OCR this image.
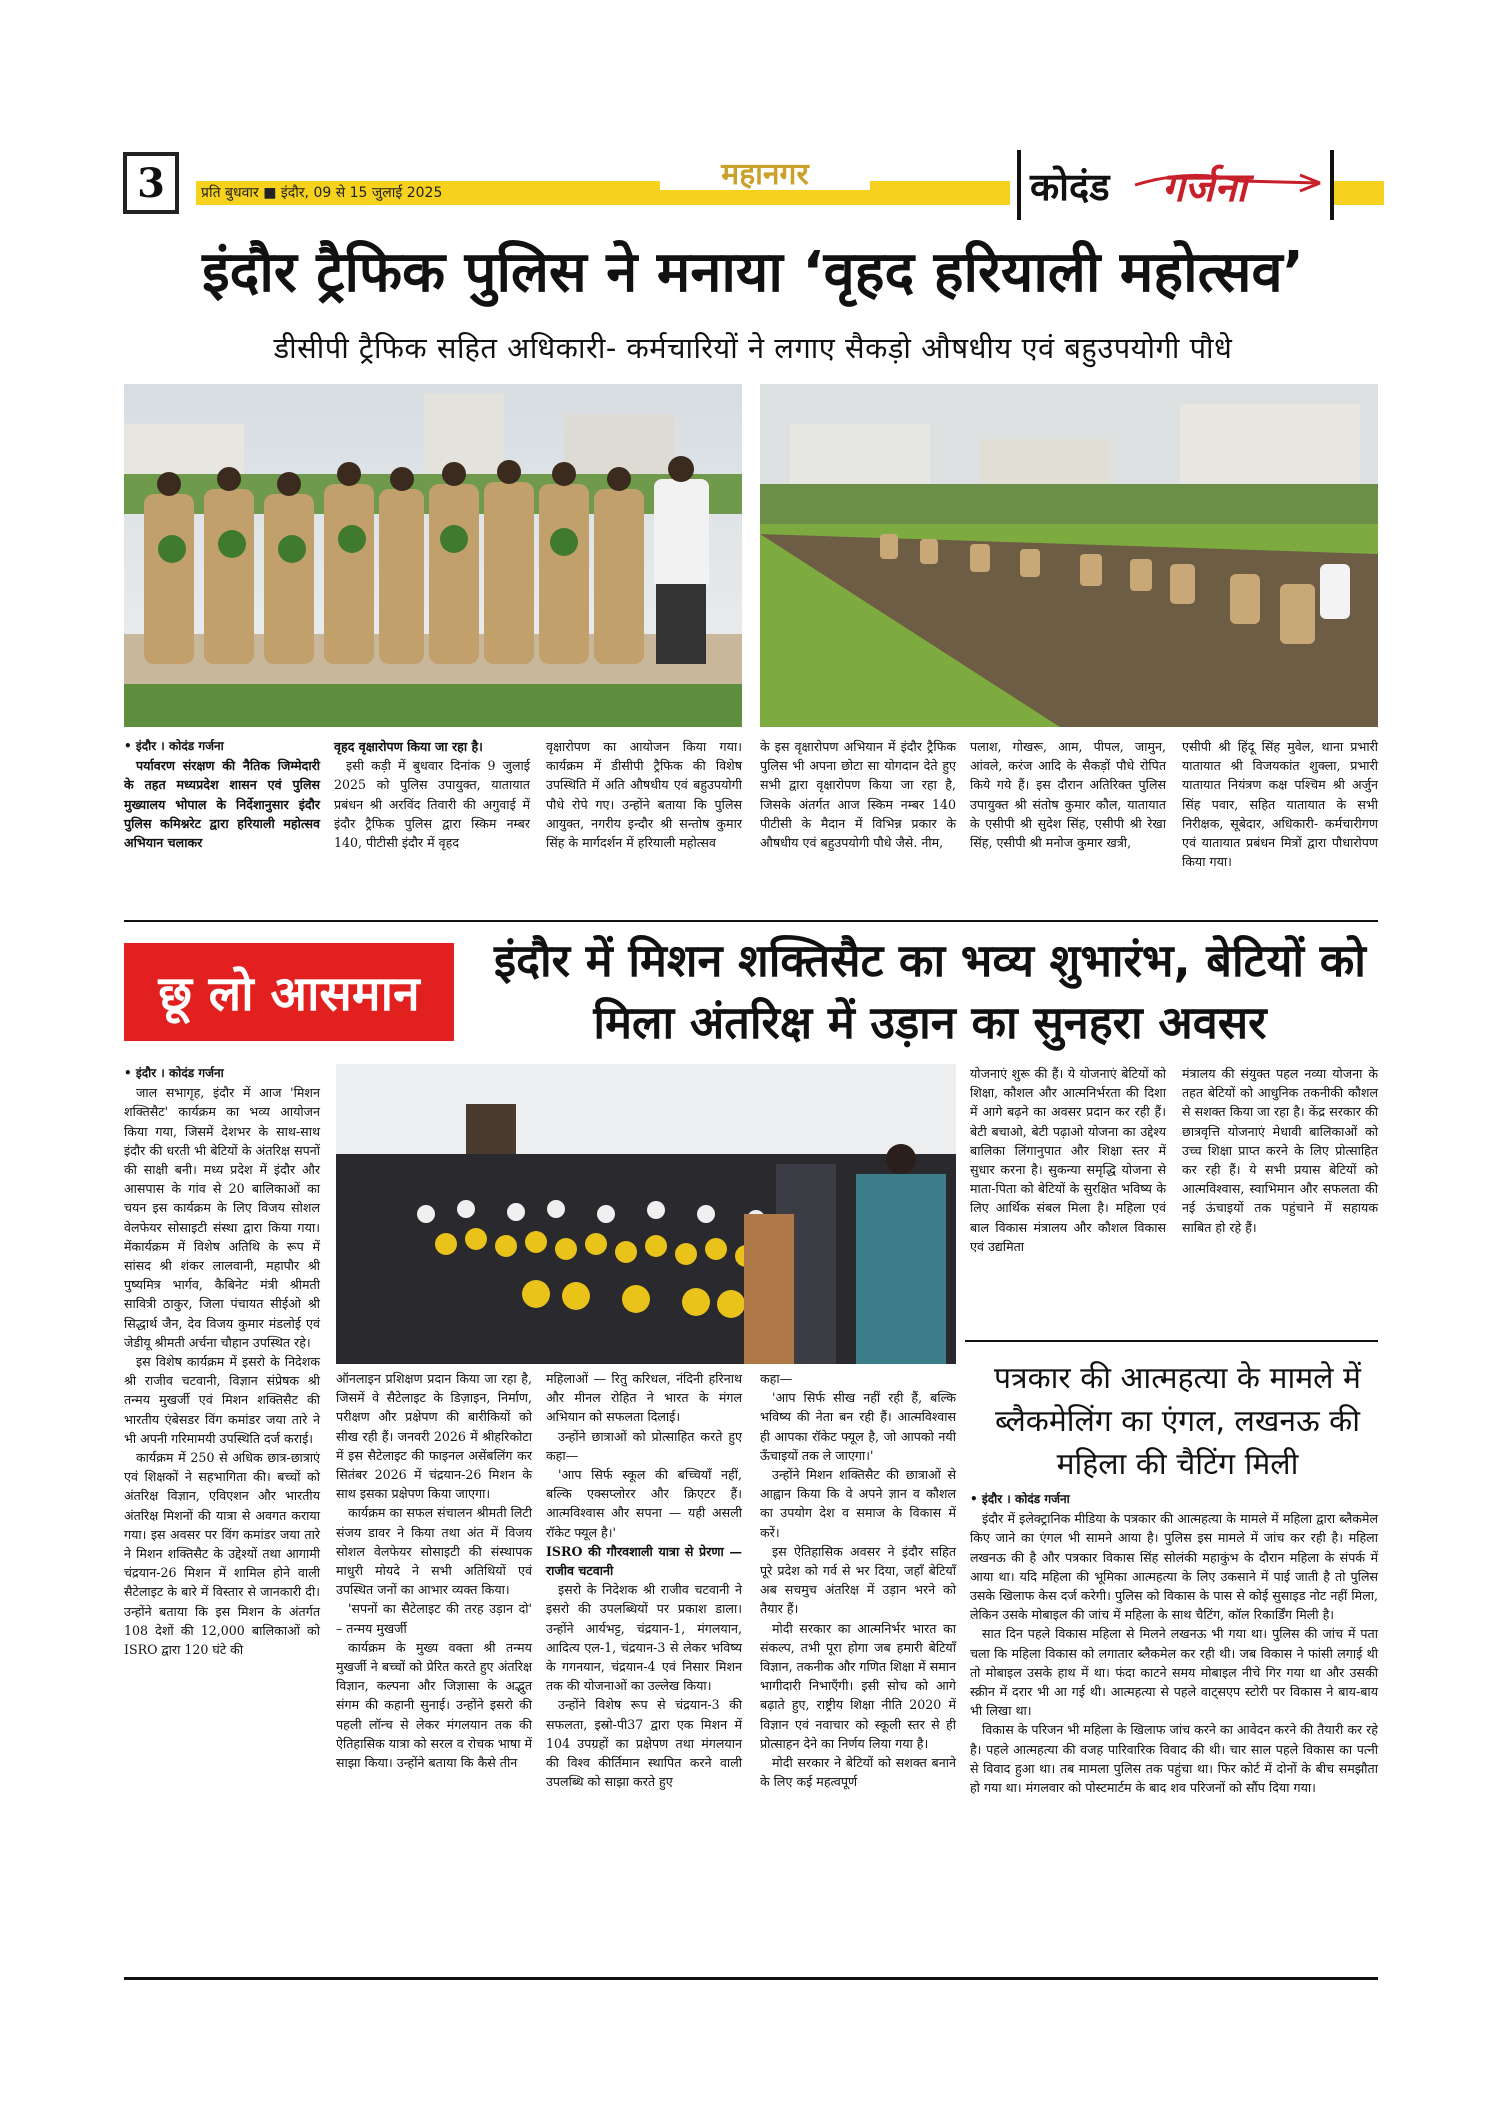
3	प्रति बुधवार ■ इंदौर, 09 से 15 जुलाई 2025
महानगर	कोदंड गर्जना
इंदौर ट्रैफिक पुलिस ने मनाया ‘वृहद हरियाली महोत्सव’
डीसीपी ट्रैफिक सहित अधिकारी- कर्मचारियों ने लगाए सैकड़ो औषधीय एवं बहुउपयोगी पौधे
• इंदौर । कोदंड गर्जना

पर्यावरण संरक्षण की नैतिक जिम्मेदारी के तहत मध्यप्रदेश शासन एवं पुलिस मुख्यालय भोपाल के निर्देशानुसार इंदौर पुलिस कमिश्नरेट द्वारा हरियाली महोत्सव अभियान चलाकर

वृहद वृक्षारोपण किया जा रहा है।

इसी कड़ी में बुधवार दिनांक 9 जुलाई 2025 को पुलिस उपायुक्त, यातायात प्रबंधन श्री अरविंद तिवारी की अगुवाई में इंदौर ट्रैफिक पुलिस द्वारा स्किम नम्बर 140, पीटीसी इंदौर में वृहद

वृक्षारोपण का आयोजन किया गया। कार्यक्रम में डीसीपी ट्रैफिक की विशेष उपस्थिति में अति औषधीय एवं बहुउपयोगी पौधे रोपे गए। उन्होंने बताया कि पुलिस आयुक्त, नगरीय इन्दौर श्री सन्तोष कुमार सिंह के मार्गदर्शन में हरियाली महोत्सव

के इस वृक्षारोपण अभियान में इंदौर ट्रैफिक पुलिस भी अपना छोटा सा योगदान देते हुए सभी द्वारा वृक्षारोपण किया जा रहा है, जिसके अंतर्गत आज स्किम नम्बर 140 पीटीसी के मैदान में विभिन्न प्रकार के औषधीय एवं बहुउपयोगी पौधे जैसे. नीम,

पलाश, गोखरू, आम, पीपल, जामुन, आंवले, करंज आदि के सैकड़ों पौधे रोपित किये गये हैं। इस दौरान अतिरिक्त पुलिस उपायुक्त श्री संतोष कुमार कौल, यातायात के एसीपी श्री सुदेश सिंह, एसीपी श्री रेखा सिंह, एसीपी श्री मनोज कुमार खत्री,

एसीपी श्री हिंदू सिंह मुवेल, थाना प्रभारी यातायात श्री विजयकांत शुक्ला, प्रभारी यातायात नियंत्रण कक्ष पश्चिम श्री अर्जुन सिंह पवार, सहित यातायात के सभी निरीक्षक, सूबेदार, अधिकारी- कर्मचारीगण एवं यातायात प्रबंधन मित्रों द्वारा पौधारोपण किया गया।

छू लो आसमान
इंदौर में मिशन शक्तिसैट का भव्य शुभारंभ, बेटियों को मिला अंतरिक्ष में उड़ान का सुनहरा अवसर
• इंदौर । कोदंड गर्जना

जाल सभागृह, इंदौर में आज 'मिशन शक्तिसैट' कार्यक्रम का भव्य आयोजन किया गया, जिसमें देशभर के साथ-साथ इंदौर की धरती भी बेटियों के अंतरिक्ष सपनों की साक्षी बनी। मध्य प्रदेश में इंदौर और आसपास के गांव से 20 बालिकाओं का चयन इस कार्यक्रम के लिए विजय सोशल वेलफेयर सोसाइटी संस्था द्वारा किया गया। मेंकार्यक्रम में विशेष अतिथि के रूप में सांसद श्री शंकर लालवानी, महापौर श्री पुष्यमित्र भार्गव, कैबिनेट मंत्री श्रीमती सावित्री ठाकुर, जिला पंचायत सीईओ श्री सिद्धार्थ जैन, देव विजय कुमार मंडलोई एवं जेडीयू श्रीमती अर्चना चौहान उपस्थित रहे।

इस विशेष कार्यक्रम में इसरो के निदेशक श्री राजीव चटवानी, विज्ञान संप्रेषक श्री तन्मय मुखर्जी एवं मिशन शक्तिसैट की भारतीय एंबेसडर विंग कमांडर जया तारे ने भी अपनी गरिमामयी उपस्थिति दर्ज कराई।

कार्यक्रम में 250 से अधिक छात्र-छात्राएं एवं शिक्षकों ने सहभागिता की। बच्चों को अंतरिक्ष विज्ञान, एविएशन और भारतीय अंतरिक्ष मिशनों की यात्रा से अवगत कराया गया। इस अवसर पर विंग कमांडर जया तारे ने मिशन शक्तिसैट के उद्देश्यों तथा आगामी चंद्रयान-26 मिशन में शामिल होने वाली सैटेलाइट के बारे में विस्तार से जानकारी दी। उन्होंने बताया कि इस मिशन के अंतर्गत 108 देशों की 12,000 बालिकाओं को ISRO द्वारा 120 घंटे की

ऑनलाइन प्रशिक्षण प्रदान किया जा रहा है, जिसमें वे सैटेलाइट के डिज़ाइन, निर्माण, परीक्षण और प्रक्षेपण की बारीकियों को सीख रही हैं। जनवरी 2026 में श्रीहरिकोटा में इस सैटेलाइट की फाइनल असेंबलिंग कर सितंबर 2026 में चंद्रयान-26 मिशन के साथ इसका प्रक्षेपण किया जाएगा।

कार्यक्रम का सफल संचालन श्रीमती लिटी संजय डावर ने किया तथा अंत में विजय सोशल वेलफेयर सोसाइटी की संस्थापक माधुरी मोयदे ने सभी अतिथियों एवं उपस्थित जनों का आभार व्यक्त किया।

'सपनों का सैटेलाइट की तरह उड़ान दो' – तन्मय मुखर्जी

कार्यक्रम के मुख्य वक्ता श्री तन्मय मुखर्जी ने बच्चों को प्रेरित करते हुए अंतरिक्ष विज्ञान, कल्पना और जिज्ञासा के अद्भुत संगम की कहानी सुनाई। उन्होंने इसरो की पहली लॉन्च से लेकर मंगलयान तक की ऐतिहासिक यात्रा को सरल व रोचक भाषा में साझा किया। उन्होंने बताया कि कैसे तीन

महिलाओं — रितु करिधल, नंदिनी हरिनाथ और मीनल रोहित ने भारत के मंगल अभियान को सफलता दिलाई।

उन्होंने छात्राओं को प्रोत्साहित करते हुए कहा—

'आप सिर्फ स्कूल की बच्चियाँ नहीं, बल्कि एक्सप्लोरर और क्रिएटर हैं। आत्मविश्वास और सपना — यही असली रॉकेट फ्यूल है।'

ISRO की गौरवशाली यात्रा से प्रेरणा — राजीव चटवानी

इसरो के निदेशक श्री राजीव चटवानी ने इसरो की उपलब्धियों पर प्रकाश डाला। उन्होंने आर्यभट्ट, चंद्रयान-1, मंगलयान, आदित्य एल-1, चंद्रयान-3 से लेकर भविष्य के गगनयान, चंद्रयान-4 एवं निसार मिशन तक की योजनाओं का उल्लेख किया।

उन्होंने विशेष रूप से चंद्रयान-3 की सफलता, इस्रो-पी37 द्वारा एक मिशन में 104 उपग्रहों का प्रक्षेपण तथा मंगलयान की विश्व कीर्तिमान स्थापित करने वाली उपलब्धि को साझा करते हुए

कहा—

'आप सिर्फ सीख नहीं रही हैं, बल्कि भविष्य की नेता बन रही हैं। आत्मविश्वास ही आपका रॉकेट फ्यूल है, जो आपको नयी ऊँचाइयों तक ले जाएगा।'

उन्होंने मिशन शक्तिसैट की छात्राओं से आह्वान किया कि वे अपने ज्ञान व कौशल का उपयोग देश व समाज के विकास में करें।

इस ऐतिहासिक अवसर ने इंदौर सहित पूरे प्रदेश को गर्व से भर दिया, जहाँ बेटियाँ अब सचमुच अंतरिक्ष में उड़ान भरने को तैयार हैं।

मोदी सरकार का आत्मनिर्भर भारत का संकल्प, तभी पूरा होगा जब हमारी बेटियाँ विज्ञान, तकनीक और गणित शिक्षा में समान भागीदारी निभाएँगी। इसी सोच को आगे बढ़ाते हुए, राष्ट्रीय शिक्षा नीति 2020 में विज्ञान एवं नवाचार को स्कूली स्तर से ही प्रोत्साहन देने का निर्णय लिया गया है।

मोदी सरकार ने बेटियों को सशक्त बनाने के लिए कई महत्वपूर्ण

योजनाएं शुरू की हैं। ये योजनाएं बेटियों को शिक्षा, कौशल और आत्मनिर्भरता की दिशा में आगे बढ़ने का अवसर प्रदान कर रही हैं। बेटी बचाओ, बेटी पढ़ाओ योजना का उद्देश्य बालिका लिंगानुपात और शिक्षा स्तर में सुधार करना है। सुकन्या समृद्धि योजना से माता-पिता को बेटियों के सुरक्षित भविष्य के लिए आर्थिक संबल मिला है। महिला एवं बाल विकास मंत्रालय और कौशल विकास एवं उद्यमिता

मंत्रालय की संयुक्त पहल नव्या योजना के तहत बेटियों को आधुनिक तकनीकी कौशल से सशक्त किया जा रहा है। केंद्र सरकार की छात्रवृत्ति योजनाएं मेधावी बालिकाओं को उच्च शिक्षा प्राप्त करने के लिए प्रोत्साहित कर रही हैं। ये सभी प्रयास बेटियों को आत्मविश्वास, स्वाभिमान और सफलता की नई ऊंचाइयों तक पहुंचाने में सहायक साबित हो रहे हैं।

पत्रकार की आत्महत्या के मामले में ब्लैकमेलिंग का एंगल, लखनऊ की महिला की चैटिंग मिली
• इंदौर । कोदंड गर्जना

इंदौर में इलेक्ट्रानिक मीडिया के पत्रकार की आत्महत्या के मामले में महिला द्वारा ब्लैकमेल किए जाने का एंगल भी सामने आया है। पुलिस इस मामले में जांच कर रही है। महिला लखनऊ की है और पत्रकार विकास सिंह सोलंकी महाकुंभ के दौरान महिला के संपर्क में आया था। यदि महिला की भूमिका आत्महत्या के लिए उकसाने में पाई जाती है तो पुलिस उसके खिलाफ केस दर्ज करेगी। पुलिस को विकास के पास से कोई सुसाइड नोट नहीं मिला, लेकिन उसके मोबाइल की जांच में महिला के साथ चैटिंग, कॉल रिकार्डिंग मिली है।

सात दिन पहले विकास महिला से मिलने लखनऊ भी गया था। पुलिस की जांच में पता चला कि महिला विकास को लगातार ब्लैकमेल कर रही थी। जब विकास ने फांसी लगाई थी तो मोबाइल उसके हाथ में था। फंदा काटने समय मोबाइल नीचे गिर गया था और उसकी स्क्रीन में दरार भी आ गई थी। आत्महत्या से पहले वाट्सएप स्टोरी पर विकास ने बाय-बाय भी लिखा था।

विकास के परिजन भी महिला के खिलाफ जांच करने का आवेदन करने की तैयारी कर रहे है। पहले आत्महत्या की वजह पारिवारिक विवाद की थी। चार साल पहले विकास का पत्नी से विवाद हुआ था। तब मामला पुलिस तक पहुंचा था। फिर कोर्ट में दोनों के बीच समझौता हो गया था। मंगलवार को पोस्टमार्टम के बाद शव परिजनों को सौंप दिया गया।
